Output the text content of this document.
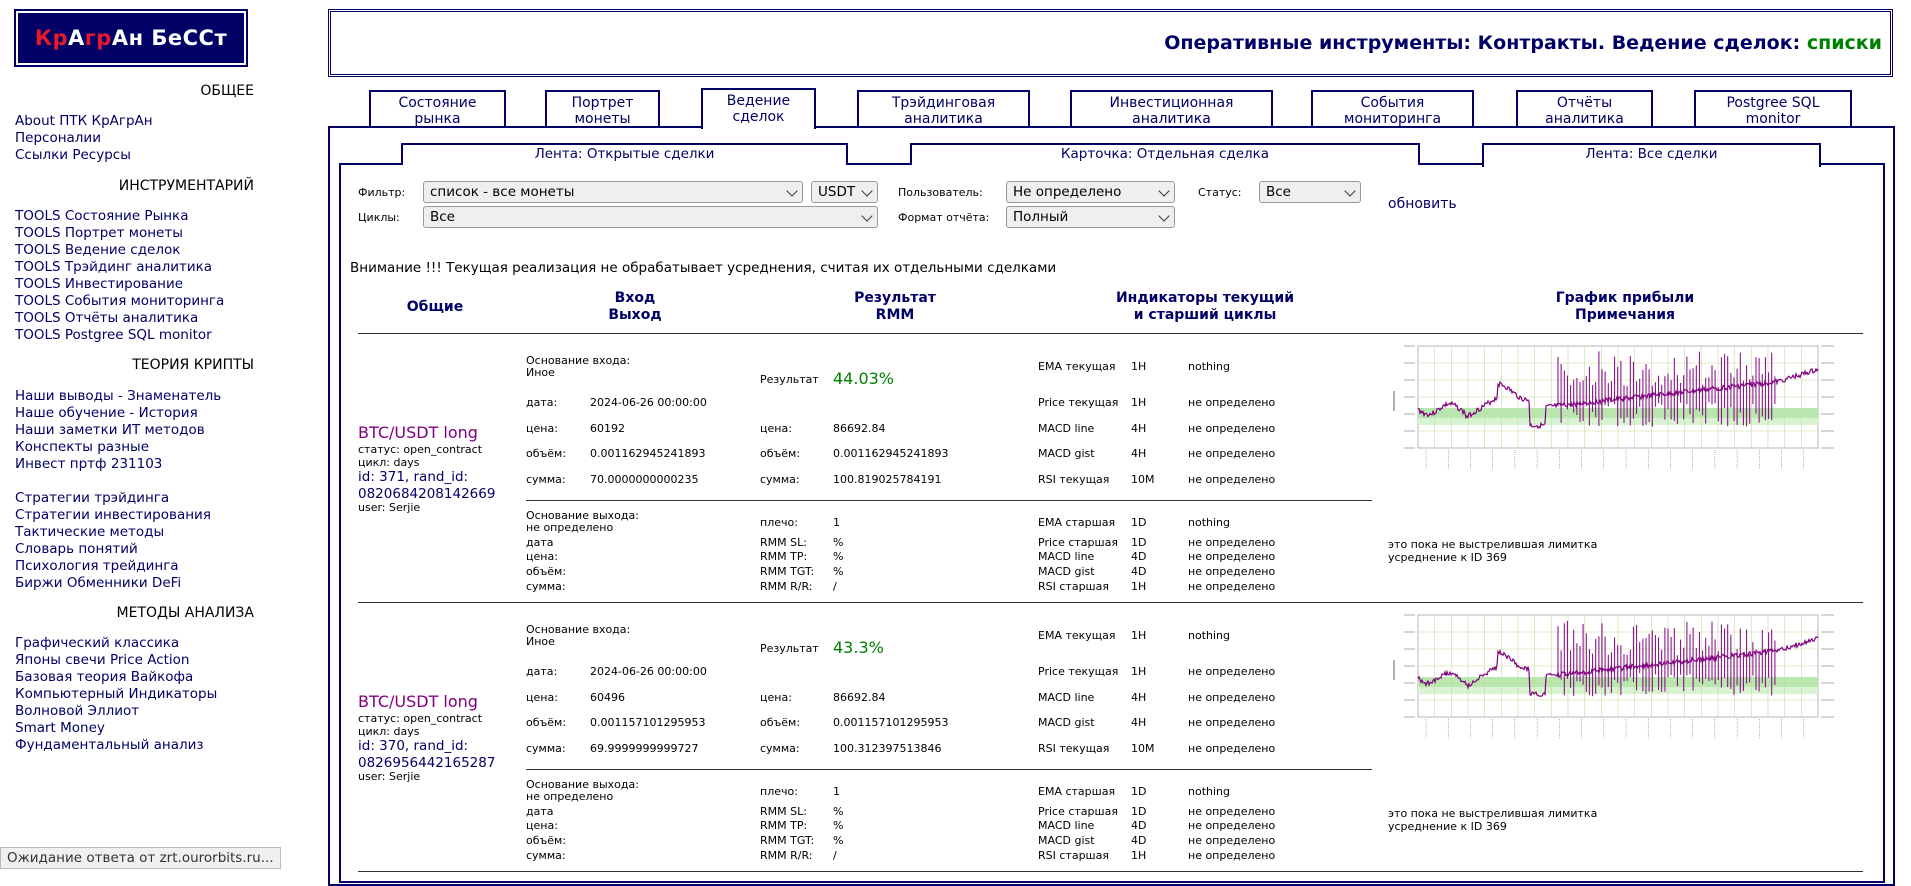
Кр А гр А н БеССт
ОБЩЕЕ
About ПТК КрАгрАн
Персоналии
Ссылки Ресурсы
ИНСТРУМЕНТАРИЙ
TOOLS Состояние Рынка
TOOLS Портрет монеты
TOOLS Ведение сделок
TOOLS Трэйдинг аналитика
TOOLS Инвестирование
TOOLS События мониторинга
TOOLS Отчёты аналитика
TOOLS Postgree SQL monitor
ТЕОРИЯ КРИПТЫ
Наши выводы - Знаменатель
Наше обучение - История
Наши заметки ИТ методов
Конспекты разные
Инвест пртф 231103
Стратегии трэйдинга
Стратегии инвестирования
Тактические методы
Словарь понятий
Психология трейдинга
Биржи Обменники DeFi
МЕТОДЫ АНАЛИЗА
Графический классика
Японы свечи Price Action
Базовая теория Вайкофа
Компьютерный Индикаторы
Волновой Эллиот
Smart Money
Фундаментальный анализ
Оперативные инструменты: Контракты. Ведение сделок: списки
Состояние
рынка
Портрет
монеты
Ведение
сделок
Трэйдинговая
аналитика
Инвестиционная
аналитика
События
мониторинга
Отчёты
аналитика
Postgree SQL
monitor
Лента: Открытые сделки	Карточка: Отдельная сделка	Лента: Все сделки
Фильтр:	список - все монеты	USDT	Пользователь:	Не определено	Статус:	Все
Циклы:	Все	Формат отчёта:	Полный
обновить
Внимание !!! Текущая реализация не обрабатывает усреднения, считая их отдельными сделками
Общие
Вход
Выход
Результат
RMM
Индикаторы текущий
и старший циклы
График прибыли
Примечания
BTC/USDT long
статус: open_contract
цикл: days
id: 371, rand_id:
0820684208142669
user: Serjie
Основание входа:
Иное
дата:	2024-06-26 00:00:00
цена:	60192
объём: 0.001162945241893
сумма: 70.0000000000235
Результат 44.03%
цена:	86692.84
объём:	0.001162945241893
сумма:	100.819025784191
EMA текущая 1H	nothing
Price текущая 1H	не определено
MACD line	4H	не определено
MACD gist	4H	не определено
RSI текущая 10M	не определено
Основание выхода:
не определено
дата
цена:
объём:
сумма:
плечо:	1
RMM SL: %
RMM TP: %
RMM TGT: %
RMM R/R: /
EMA старшая 1D	nothing
Price старшая 1D	не определено
MACD line	4D	не определено
MACD gist	4D	не определено
RSI старшая 1H	не определено
это пока не выстрелившая лимитка
усреднение к ID 369
BTC/USDT long
статус: open_contract
цикл: days
id: 370, rand_id:
0826956442165287
user: Serjie
Основание входа:
Иное
дата:	2024-06-26 00:00:00
цена:	60496
объём: 0.001157101295953
сумма: 69.9999999999727
Результат 43.3%
цена:	86692.84
объём:	0.001157101295953
сумма:	100.312397513846
EMA текущая 1H	nothing
Price текущая 1H	не определено
MACD line	4H	не определено
MACD gist	4H	не определено
RSI текущая 10M	не определено
Основание выхода:
не определено
дата
цена:
объём:
сумма:
плечо:	1
RMM SL: %
RMM TP: %
RMM TGT: %
RMM R/R: /
EMA старшая 1D	nothing
Price старшая 1D	не определено
MACD line	4D	не определено
MACD gist	4D	не определено
RSI старшая 1H	не определено
это пока не выстрелившая лимитка
усреднение к ID 369
Ожидание ответа от zrt.ourorbits.ru...
